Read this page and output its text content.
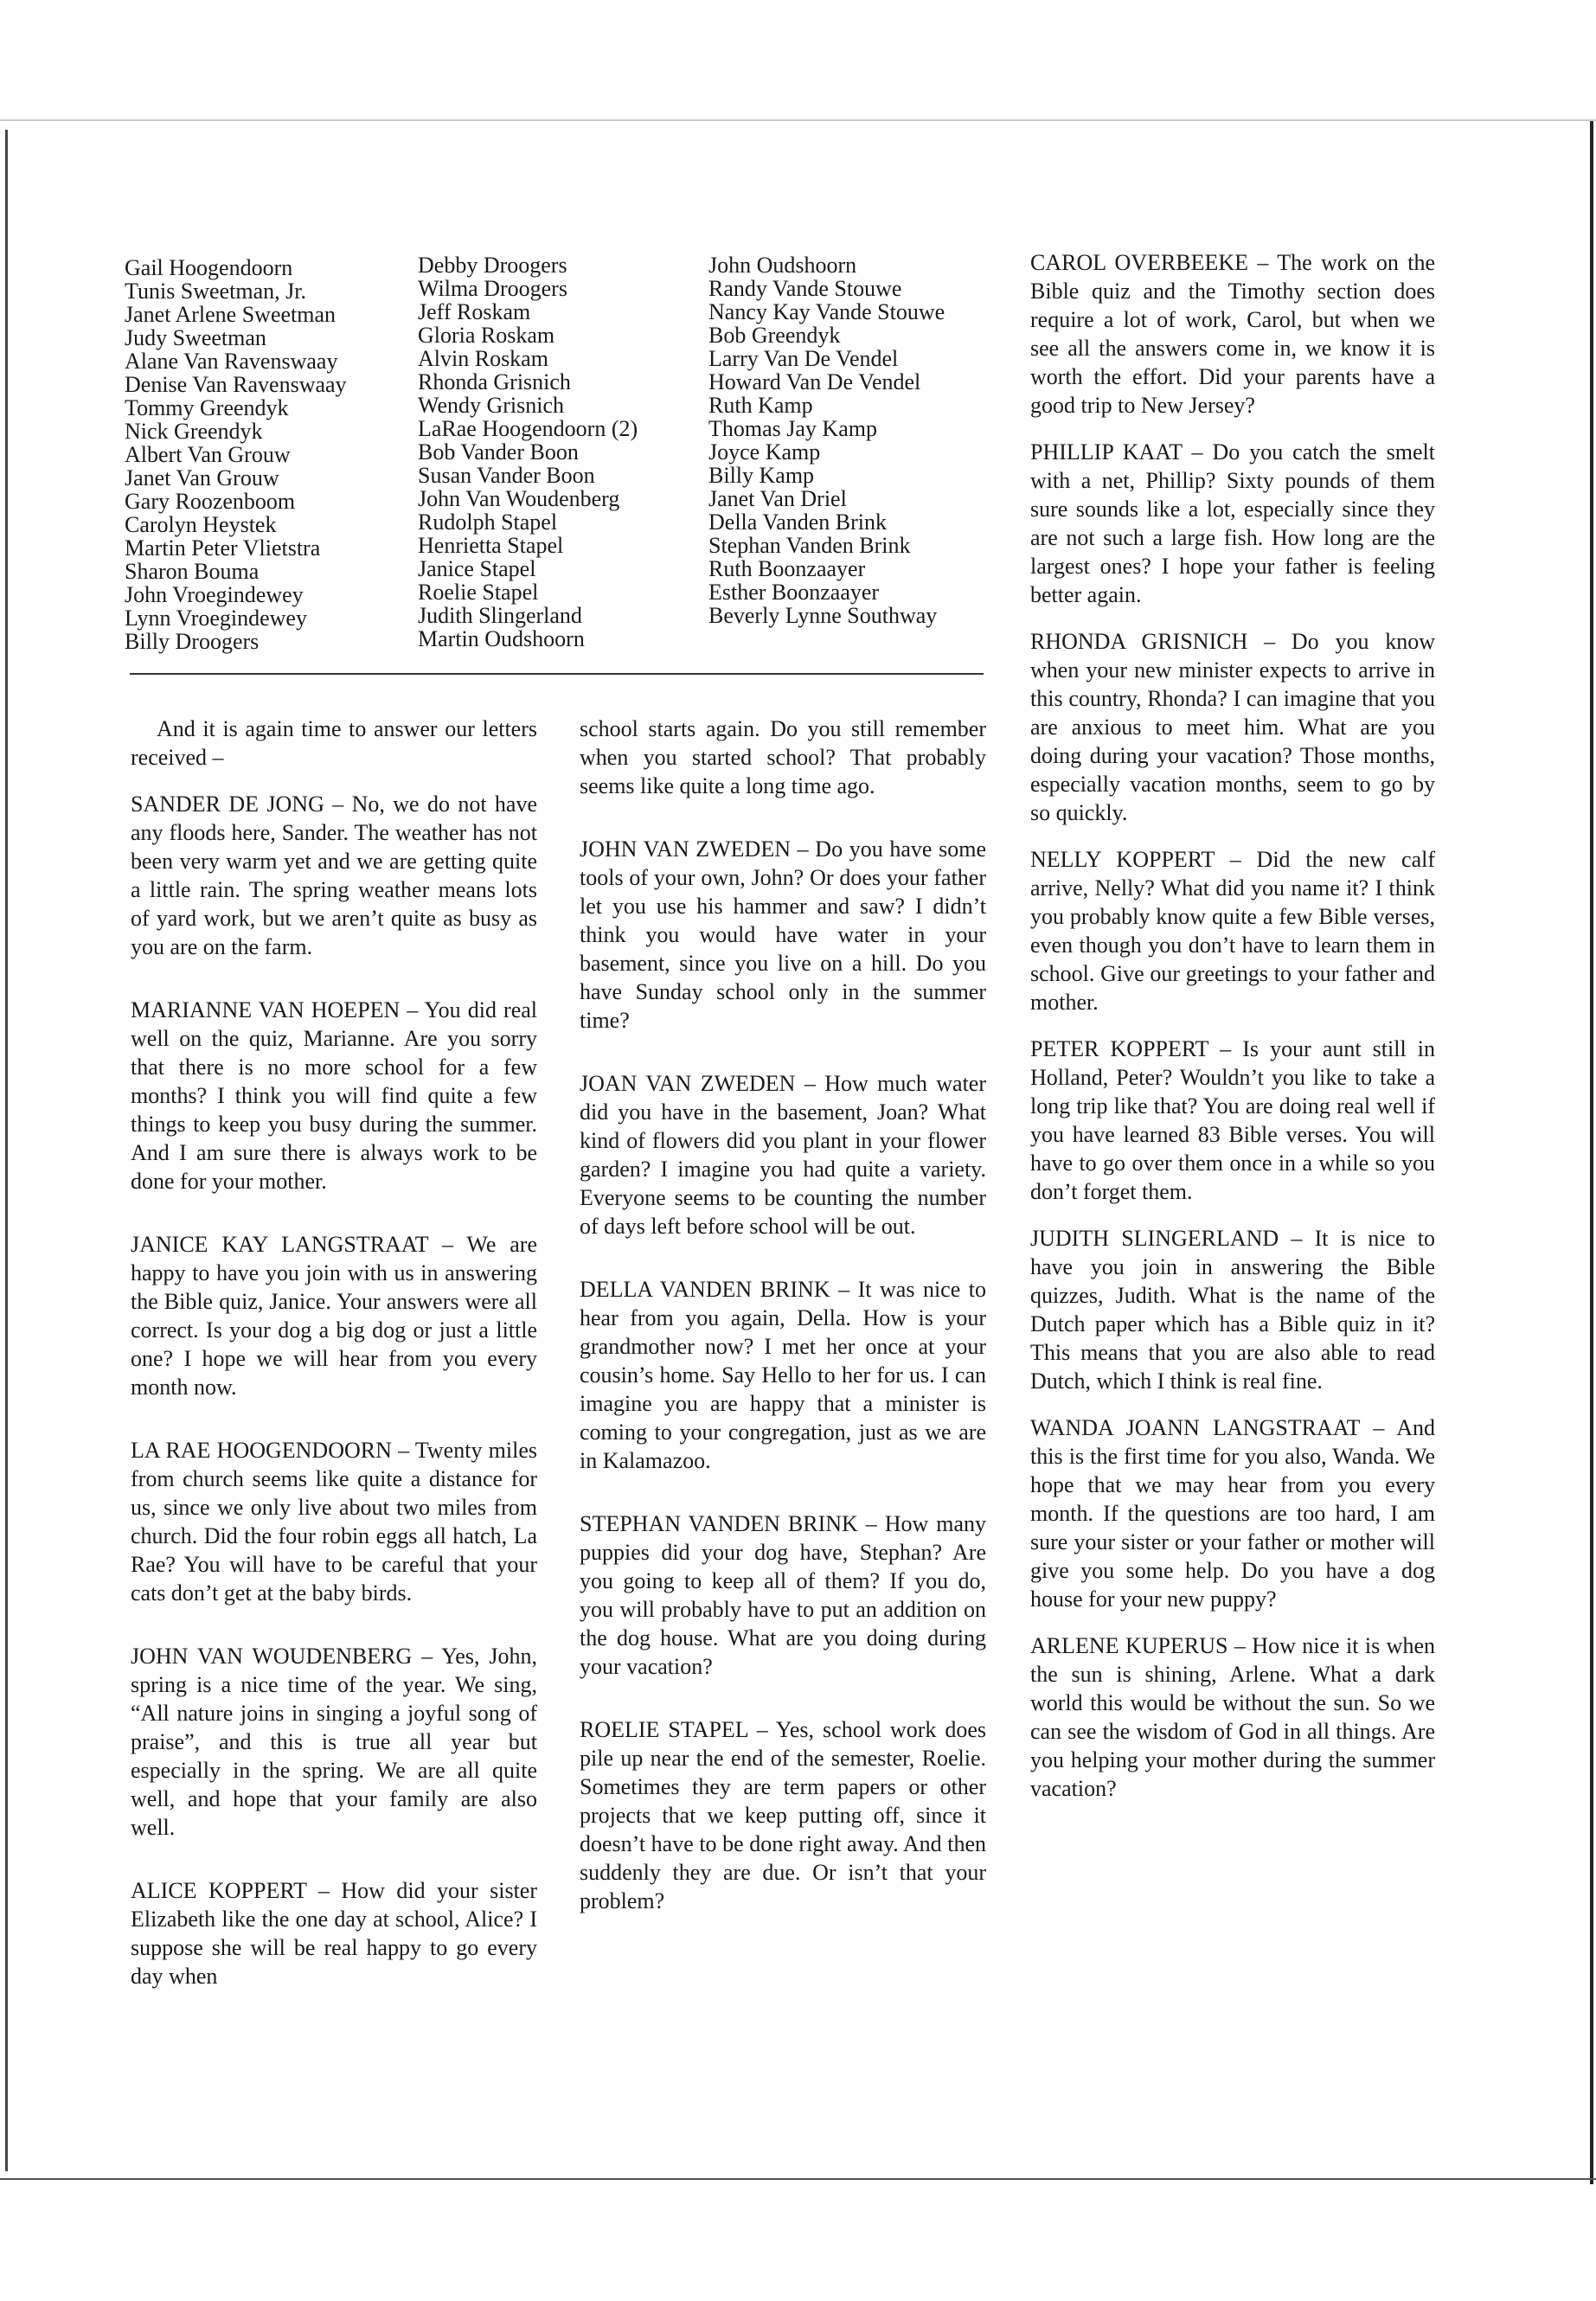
Gail Hoogendoorn
Tunis Sweetman, Jr.
Janet Arlene Sweetman
Judy Sweetman
Alane Van Ravenswaay
Denise Van Ravenswaay
Tommy Greendyk
Nick Greendyk
Albert Van Grouw
Janet Van Grouw
Gary Roozenboom
Carolyn Heystek
Martin Peter Vlietstra
Sharon Bouma
John Vroegindewey
Lynn Vroegindewey
Billy Droogers
Debby Droogers
Wilma Droogers
Jeff Roskam
Gloria Roskam
Alvin Roskam
Rhonda Grisnich
Wendy Grisnich
LaRae Hoogendoorn (2)
Bob Vander Boon
Susan Vander Boon
John Van Woudenberg
Rudolph Stapel
Henrietta Stapel
Janice Stapel
Roelie Stapel
Judith Slingerland
Martin Oudshoorn
John Oudshoorn
Randy Vande Stouwe
Nancy Kay Vande Stouwe
Bob Greendyk
Larry Van De Vendel
Howard Van De Vendel
Ruth Kamp
Thomas Jay Kamp
Joyce Kamp
Billy Kamp
Janet Van Driel
Della Vanden Brink
Stephan Vanden Brink
Ruth Boonzaayer
Esther Boonzaayer
Beverly Lynne Southway

CAROL OVERBEEKE – The work on the Bible quiz and the Timothy section does require a lot of work, Carol, but when we see all the answers come in, we know it is worth the effort. Did your parents have a good trip to New Jersey?

PHILLIP KAAT – Do you catch the smelt with a net, Phillip? Sixty pounds of them sure sounds like a lot, especially since they are not such a large fish. How long are the largest ones? I hope your father is feeling better again.

RHONDA GRISNICH – Do you know when your new minister expects to arrive in this country, Rhonda? I can imagine that you are anxious to meet him. What are you doing during your vacation? Those months, especially vacation months, seem to go by so quickly.

NELLY KOPPERT – Did the new calf arrive, Nelly? What did you name it? I think you probably know quite a few Bible verses, even though you don’t have to learn them in school. Give our greetings to your father and mother.

PETER KOPPERT – Is your aunt still in Holland, Peter? Wouldn’t you like to take a long trip like that? You are doing real well if you have learned 83 Bible verses. You will have to go over them once in a while so you don’t forget them.

JUDITH SLINGERLAND – It is nice to have you join in answering the Bible quizzes, Judith. What is the name of the Dutch paper which has a Bible quiz in it? This means that you are also able to read Dutch, which I think is real fine.

WANDA JOANN LANGSTRAAT – And this is the first time for you also, Wanda. We hope that we may hear from you every month. If the questions are too hard, I am sure your sister or your father or mother will give you some help. Do you have a dog house for your new puppy?

ARLENE KUPERUS – How nice it is when the sun is shining, Arlene. What a dark world this would be without the sun. So we can see the wisdom of God in all things. Are you helping your mother during the summer vacation?

And it is again time to answer our letters received –

SANDER DE JONG – No, we do not have any floods here, Sander. The weather has not been very warm yet and we are getting quite a little rain. The spring weather means lots of yard work, but we aren’t quite as busy as you are on the farm.

MARIANNE VAN HOEPEN – You did real well on the quiz, Marianne. Are you sorry that there is no more school for a few months? I think you will find quite a few things to keep you busy during the summer. And I am sure there is always work to be done for your mother.

JANICE KAY LANGSTRAAT – We are happy to have you join with us in answering the Bible quiz, Janice. Your answers were all correct. Is your dog a big dog or just a little one? I hope we will hear from you every month now.

LA RAE HOOGENDOORN – Twenty miles from church seems like quite a distance for us, since we only live about two miles from church. Did the four robin eggs all hatch, La Rae? You will have to be careful that your cats don’t get at the baby birds.

JOHN VAN WOUDENBERG – Yes, John, spring is a nice time of the year. We sing, “All nature joins in singing a joyful song of praise”, and this is true all year but especially in the spring. We are all quite well, and hope that your family are also well.

ALICE KOPPERT – How did your sister Elizabeth like the one day at school, Alice? I suppose she will be real happy to go every day when

school starts again. Do you still remember when you started school? That probably seems like quite a long time ago.

JOHN VAN ZWEDEN – Do you have some tools of your own, John? Or does your father let you use his hammer and saw? I didn’t think you would have water in your basement, since you live on a hill. Do you have Sunday school only in the summer time?

JOAN VAN ZWEDEN – How much water did you have in the basement, Joan? What kind of flowers did you plant in your flower garden? I imagine you had quite a variety. Everyone seems to be counting the number of days left before school will be out.

DELLA VANDEN BRINK – It was nice to hear from you again, Della. How is your grandmother now? I met her once at your cousin’s home. Say Hello to her for us. I can imagine you are happy that a minister is coming to your congregation, just as we are in Kalamazoo.

STEPHAN VANDEN BRINK – How many puppies did your dog have, Stephan? Are you going to keep all of them? If you do, you will probably have to put an addition on the dog house. What are you doing during your vacation?

ROELIE STAPEL – Yes, school work does pile up near the end of the semester, Roelie. Sometimes they are term papers or other projects that we keep putting off, since it doesn’t have to be done right away. And then suddenly they are due. Or isn’t that your problem?
